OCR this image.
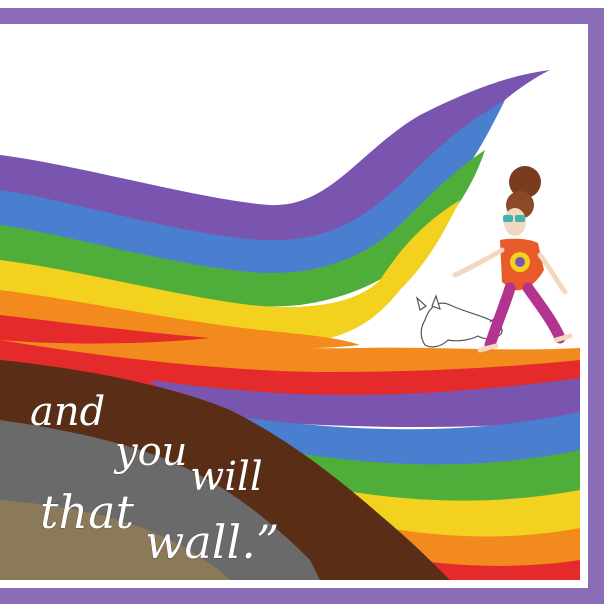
and
you
will
that
wall.”
